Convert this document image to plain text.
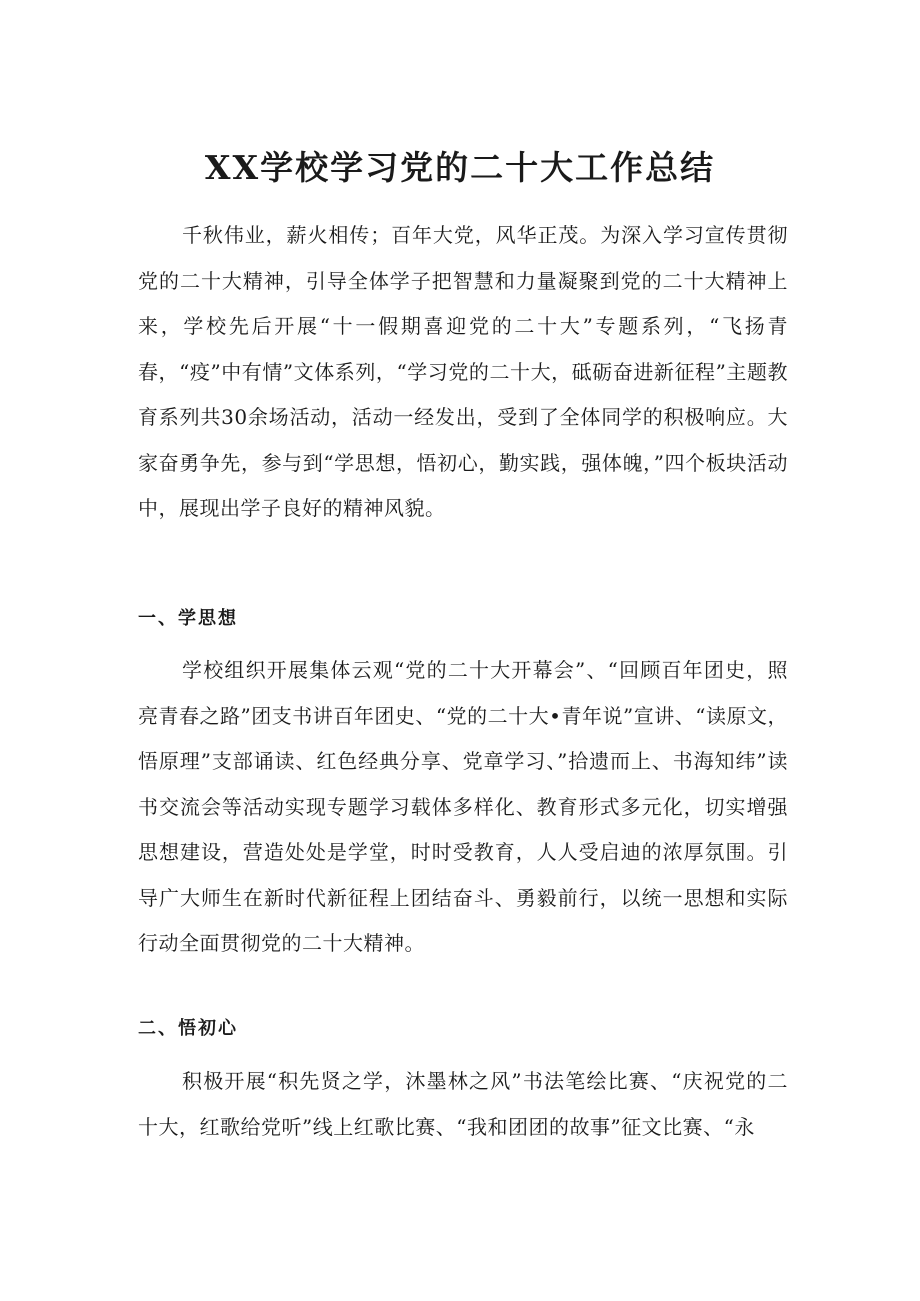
XX学校学习党的二十大工作总结

千秋伟业，薪火相传；百年大党，风华正茂。为深入学习宣传贯彻党的二十大精神，引导全体学子把智慧和力量凝聚到党的二十大精神上来，学校先后开展“十一假期喜迎党的二十大”专题系列，“飞扬青春，“疫”中有情”文体系列，“学习党的二十大，砥砺奋进新征程”主题教育系列共30余场活动，活动一经发出，受到了全体同学的积极响应。大家奋勇争先，参与到“学思想，悟初心，勤实践，强体魄，”四个板块活动中，展现出学子良好的精神风貌。

一、学思想

学校组织开展集体云观“党的二十大开幕会”、“回顾百年团史，照亮青春之路”团支书讲百年团史、“党的二十大•青年说”宣讲、“读原文，悟原理”支部诵读、红色经典分享、党章学习、”拾遗而上、书海知纬”读书交流会等活动实现专题学习载体多样化、教育形式多元化，切实增强思想建设，营造处处是学堂，时时受教育，人人受启迪的浓厚氛围。引导广大师生在新时代新征程上团结奋斗、勇毅前行，以统一思想和实际行动全面贯彻党的二十大精神。

二、悟初心

积极开展“积先贤之学，沐墨林之风”书法笔绘比赛、“庆祝党的二十大，红歌给党听”线上红歌比赛、“我和团团的故事”征文比赛、“永
